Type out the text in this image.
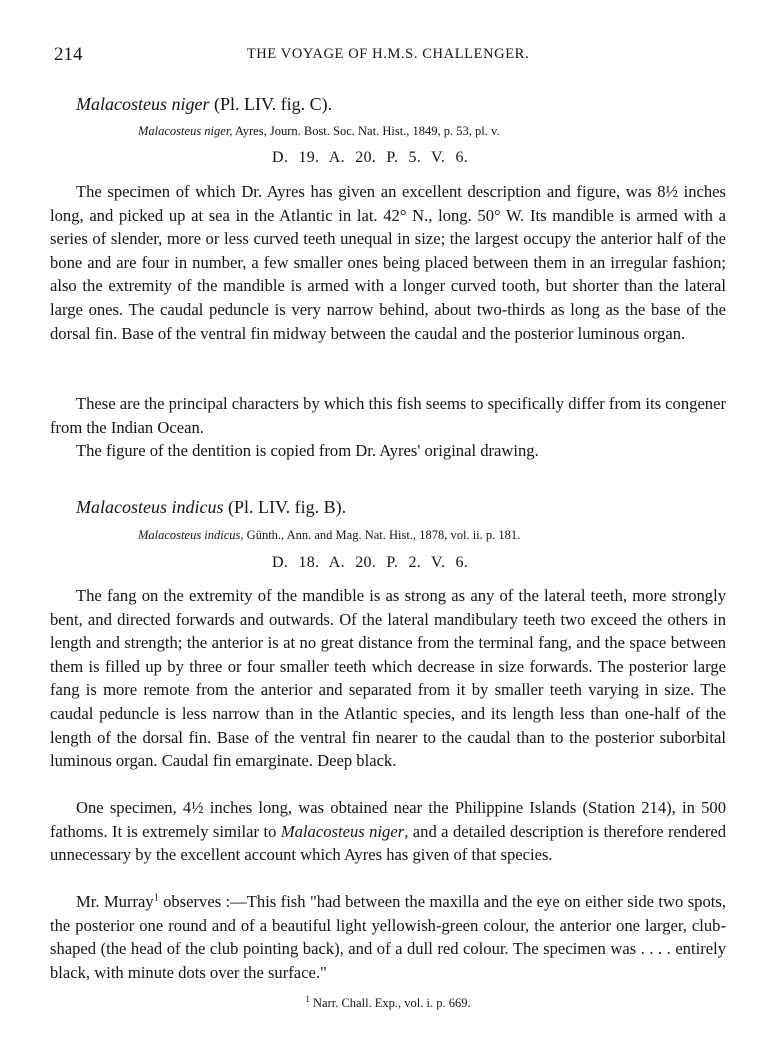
214	THE VOYAGE OF H.M.S. CHALLENGER.
Malacosteus niger (Pl. LIV. fig. C).
Malacosteus niger, Ayres, Journ. Bost. Soc. Nat. Hist., 1849, p. 53, pl. v.
D. 19. A. 20. P. 5. V. 6.

The specimen of which Dr. Ayres has given an excellent description and figure, was 8½ inches long, and picked up at sea in the Atlantic in lat. 42° N., long. 50° W. Its mandible is armed with a series of slender, more or less curved teeth unequal in size; the largest occupy the anterior half of the bone and are four in number, a few smaller ones being placed between them in an irregular fashion; also the extremity of the mandible is armed with a longer curved tooth, but shorter than the lateral large ones. The caudal peduncle is very narrow behind, about two-thirds as long as the base of the dorsal fin. Base of the ventral fin midway between the caudal and the posterior luminous organ.

These are the principal characters by which this fish seems to specifically differ from its congener from the Indian Ocean.

The figure of the dentition is copied from Dr. Ayres' original drawing.

Malacosteus indicus (Pl. LIV. fig. B).
Malacosteus indicus, Günth., Ann. and Mag. Nat. Hist., 1878, vol. ii. p. 181.
D. 18. A. 20. P. 2. V. 6.

The fang on the extremity of the mandible is as strong as any of the lateral teeth, more strongly bent, and directed forwards and outwards. Of the lateral mandibulary teeth two exceed the others in length and strength; the anterior is at no great distance from the terminal fang, and the space between them is filled up by three or four smaller teeth which decrease in size forwards. The posterior large fang is more remote from the anterior and separated from it by smaller teeth varying in size. The caudal peduncle is less narrow than in the Atlantic species, and its length less than one-half of the length of the dorsal fin. Base of the ventral fin nearer to the caudal than to the posterior suborbital luminous organ. Caudal fin emarginate. Deep black.

One specimen, 4½ inches long, was obtained near the Philippine Islands (Station 214), in 500 fathoms. It is extremely similar to Malacosteus niger, and a detailed description is therefore rendered unnecessary by the excellent account which Ayres has given of that species.

Mr. Murray$^1$ observes :—This fish "had between the maxilla and the eye on either side two spots, the posterior one round and of a beautiful light yellowish-green colour, the anterior one larger, club-shaped (the head of the club pointing back), and of a dull red colour. The specimen was . . . . entirely black, with minute dots over the surface."

$^1$ Narr. Chall. Exp., vol. i. p. 669.
